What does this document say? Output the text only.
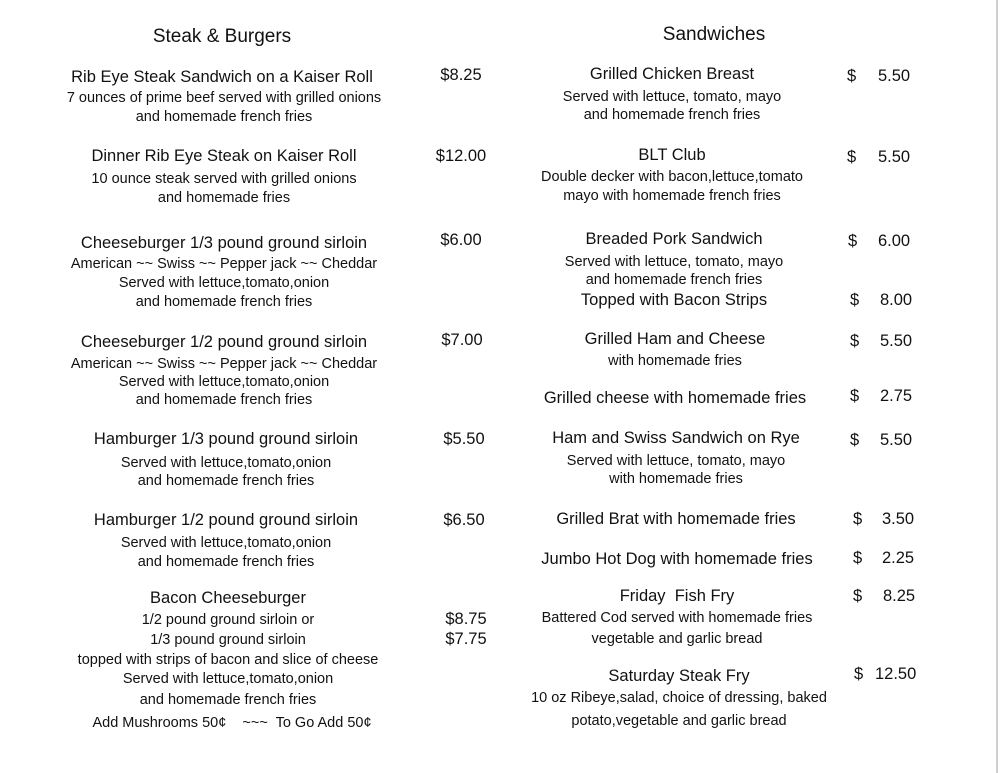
Steak & Burgers
Rib Eye Steak Sandwich on a Kaiser Roll
7 ounces of prime beef served with grilled onions
and homemade french fries
$8.25
Dinner Rib Eye Steak on Kaiser Roll
10 ounce steak served with grilled onions
and homemade fries
$12.00
Cheeseburger 1/3 pound ground sirloin
American ~~ Swiss ~~ Pepper jack ~~ Cheddar
Served with lettuce,tomato,onion
and homemade french fries
$6.00
Cheeseburger 1/2 pound ground sirloin
American ~~ Swiss ~~ Pepper jack ~~ Cheddar
Served with lettuce,tomato,onion
and homemade french fries
$7.00
Hamburger 1/3 pound ground sirloin
Served with lettuce,tomato,onion
and homemade french fries
$5.50
Hamburger 1/2 pound ground sirloin
Served with lettuce,tomato,onion
and homemade french fries
$6.50
Bacon Cheeseburger
1/2 pound ground sirloin or	$8.75
1/3 pound ground sirloin	$7.75
topped with strips of bacon and slice of cheese
Served with lettuce,tomato,onion
and homemade french fries
Add Mushrooms 50¢    ~~~  To Go Add 50¢
Sandwiches
Grilled Chicken Breast
Served with lettuce, tomato, mayo
and homemade french fries
$ 5.50
BLT Club
Double decker with bacon,lettuce,tomato
mayo with homemade french fries
$ 5.50
Breaded Pork Sandwich
Served with lettuce, tomato, mayo
and homemade french fries
$ 6.00
Topped with Bacon Strips	$ 8.00
Grilled Ham and Cheese
with homemade fries
$ 5.50
Grilled cheese with homemade fries	$ 2.75
Ham and Swiss Sandwich on Rye
Served with lettuce, tomato, mayo
with homemade fries
$ 5.50
Grilled Brat with homemade fries	$ 3.50
Jumbo Hot Dog with homemade fries $ 2.25
Friday  Fish Fry
Battered Cod served with homemade fries
vegetable and garlic bread
$ 8.25
Saturday Steak Fry
10 oz Ribeye,salad, choice of dressing, baked
potato,vegetable and garlic bread
$ 12.50
